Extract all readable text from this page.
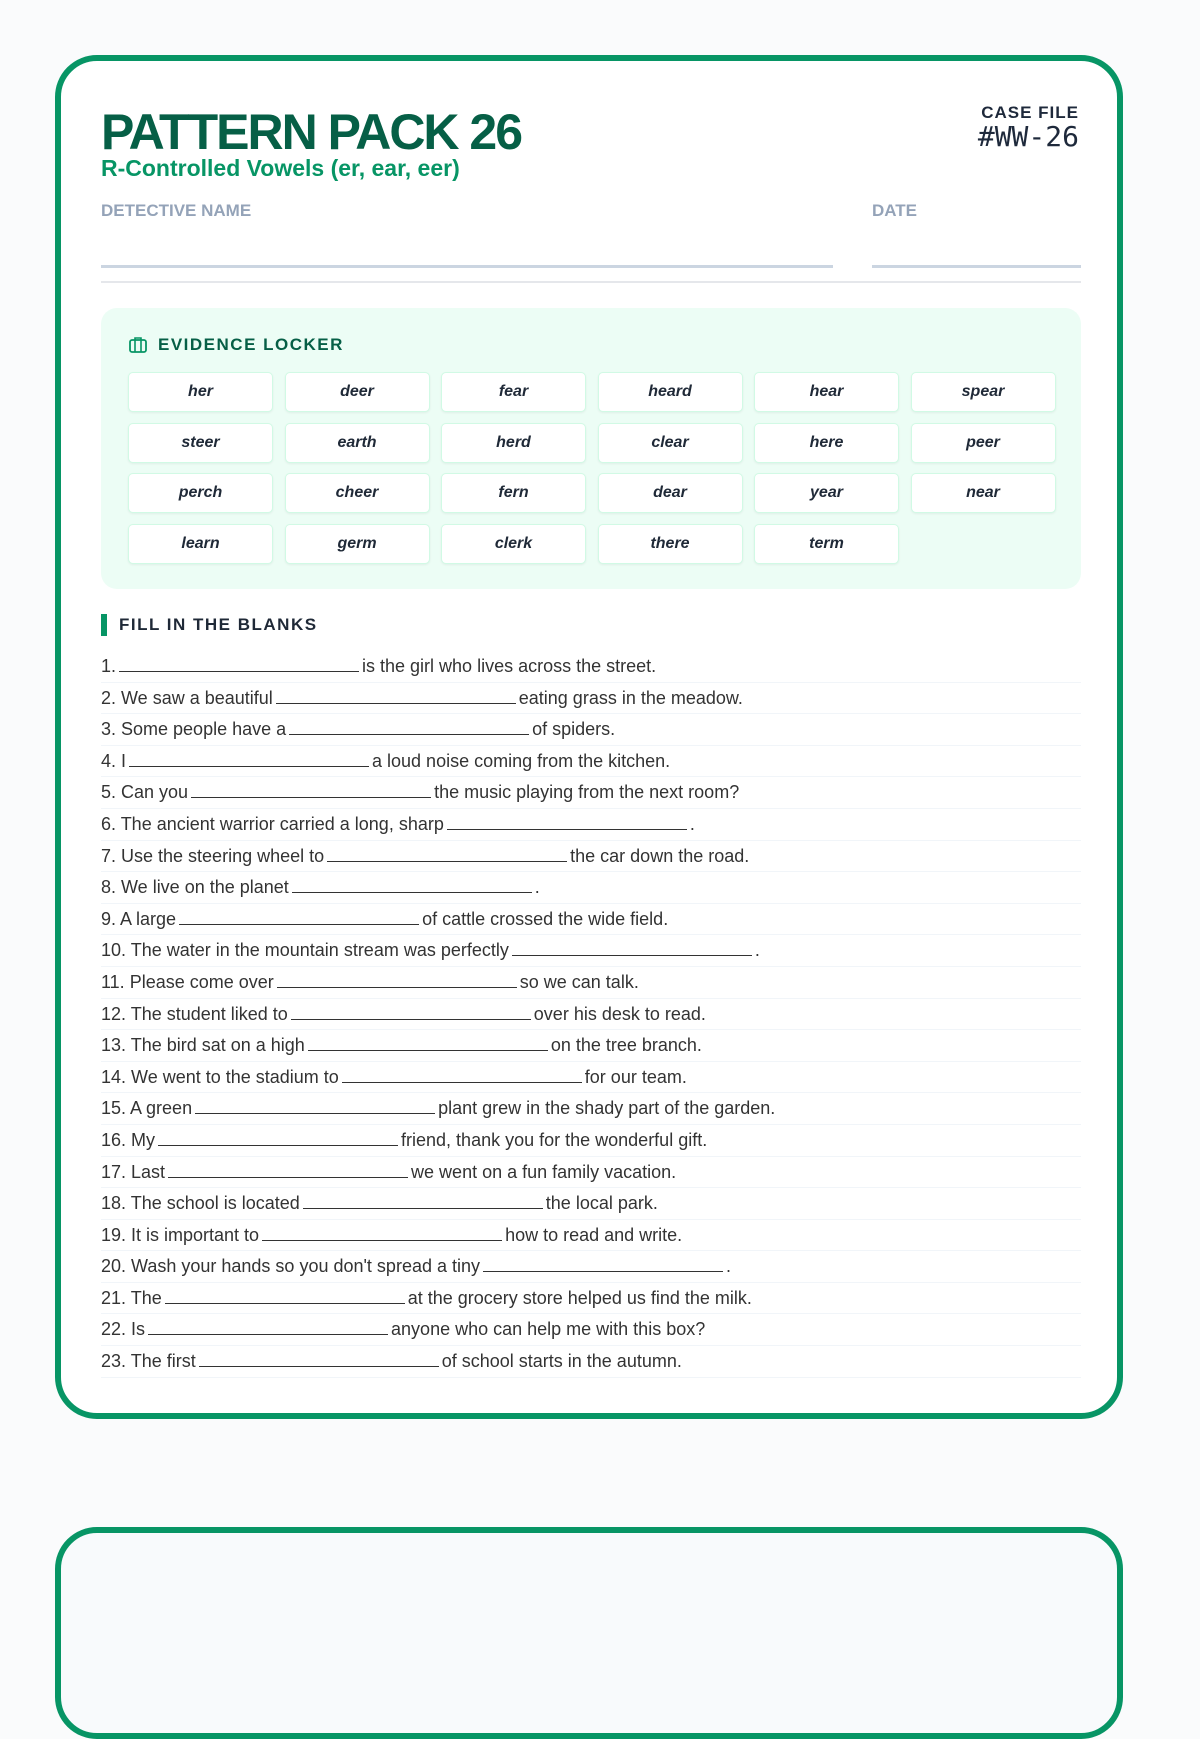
PATTERN PACK 26
R-Controlled Vowels (er, ear, eer)
CASE FILE
#WW-26
DETECTIVE NAME	DATE
EVIDENCE LOCKER
her	deer	fear	heard	hear	spear
steer	earth	herd	clear	here	peer
perch	cheer	fern	dear	year	near
learn	germ	clerk	there	term
FILL IN THE BLANKS
1.	is the girl who lives across the street.
2. We saw a beautiful	eating grass in the meadow.
3. Some people have a	of spiders.
4. I	a loud noise coming from the kitchen.
5. Can you	the music playing from the next room?
6. The ancient warrior carried a long, sharp	.
7. Use the steering wheel to	the car down the road.
8. We live on the planet	.
9. A large	of cattle crossed the wide field.
10. The water in the mountain stream was perfectly	.
11. Please come over	so we can talk.
12. The student liked to	over his desk to read.
13. The bird sat on a high	on the tree branch.
14. We went to the stadium to	for our team.
15. A green	plant grew in the shady part of the garden.
16. My	friend, thank you for the wonderful gift.
17. Last	we went on a fun family vacation.
18. The school is located	the local park.
19. It is important to	how to read and write.
20. Wash your hands so you don't spread a tiny	.
21. The	at the grocery store helped us find the milk.
22. Is	anyone who can help me with this box?
23. The first	of school starts in the autumn.
